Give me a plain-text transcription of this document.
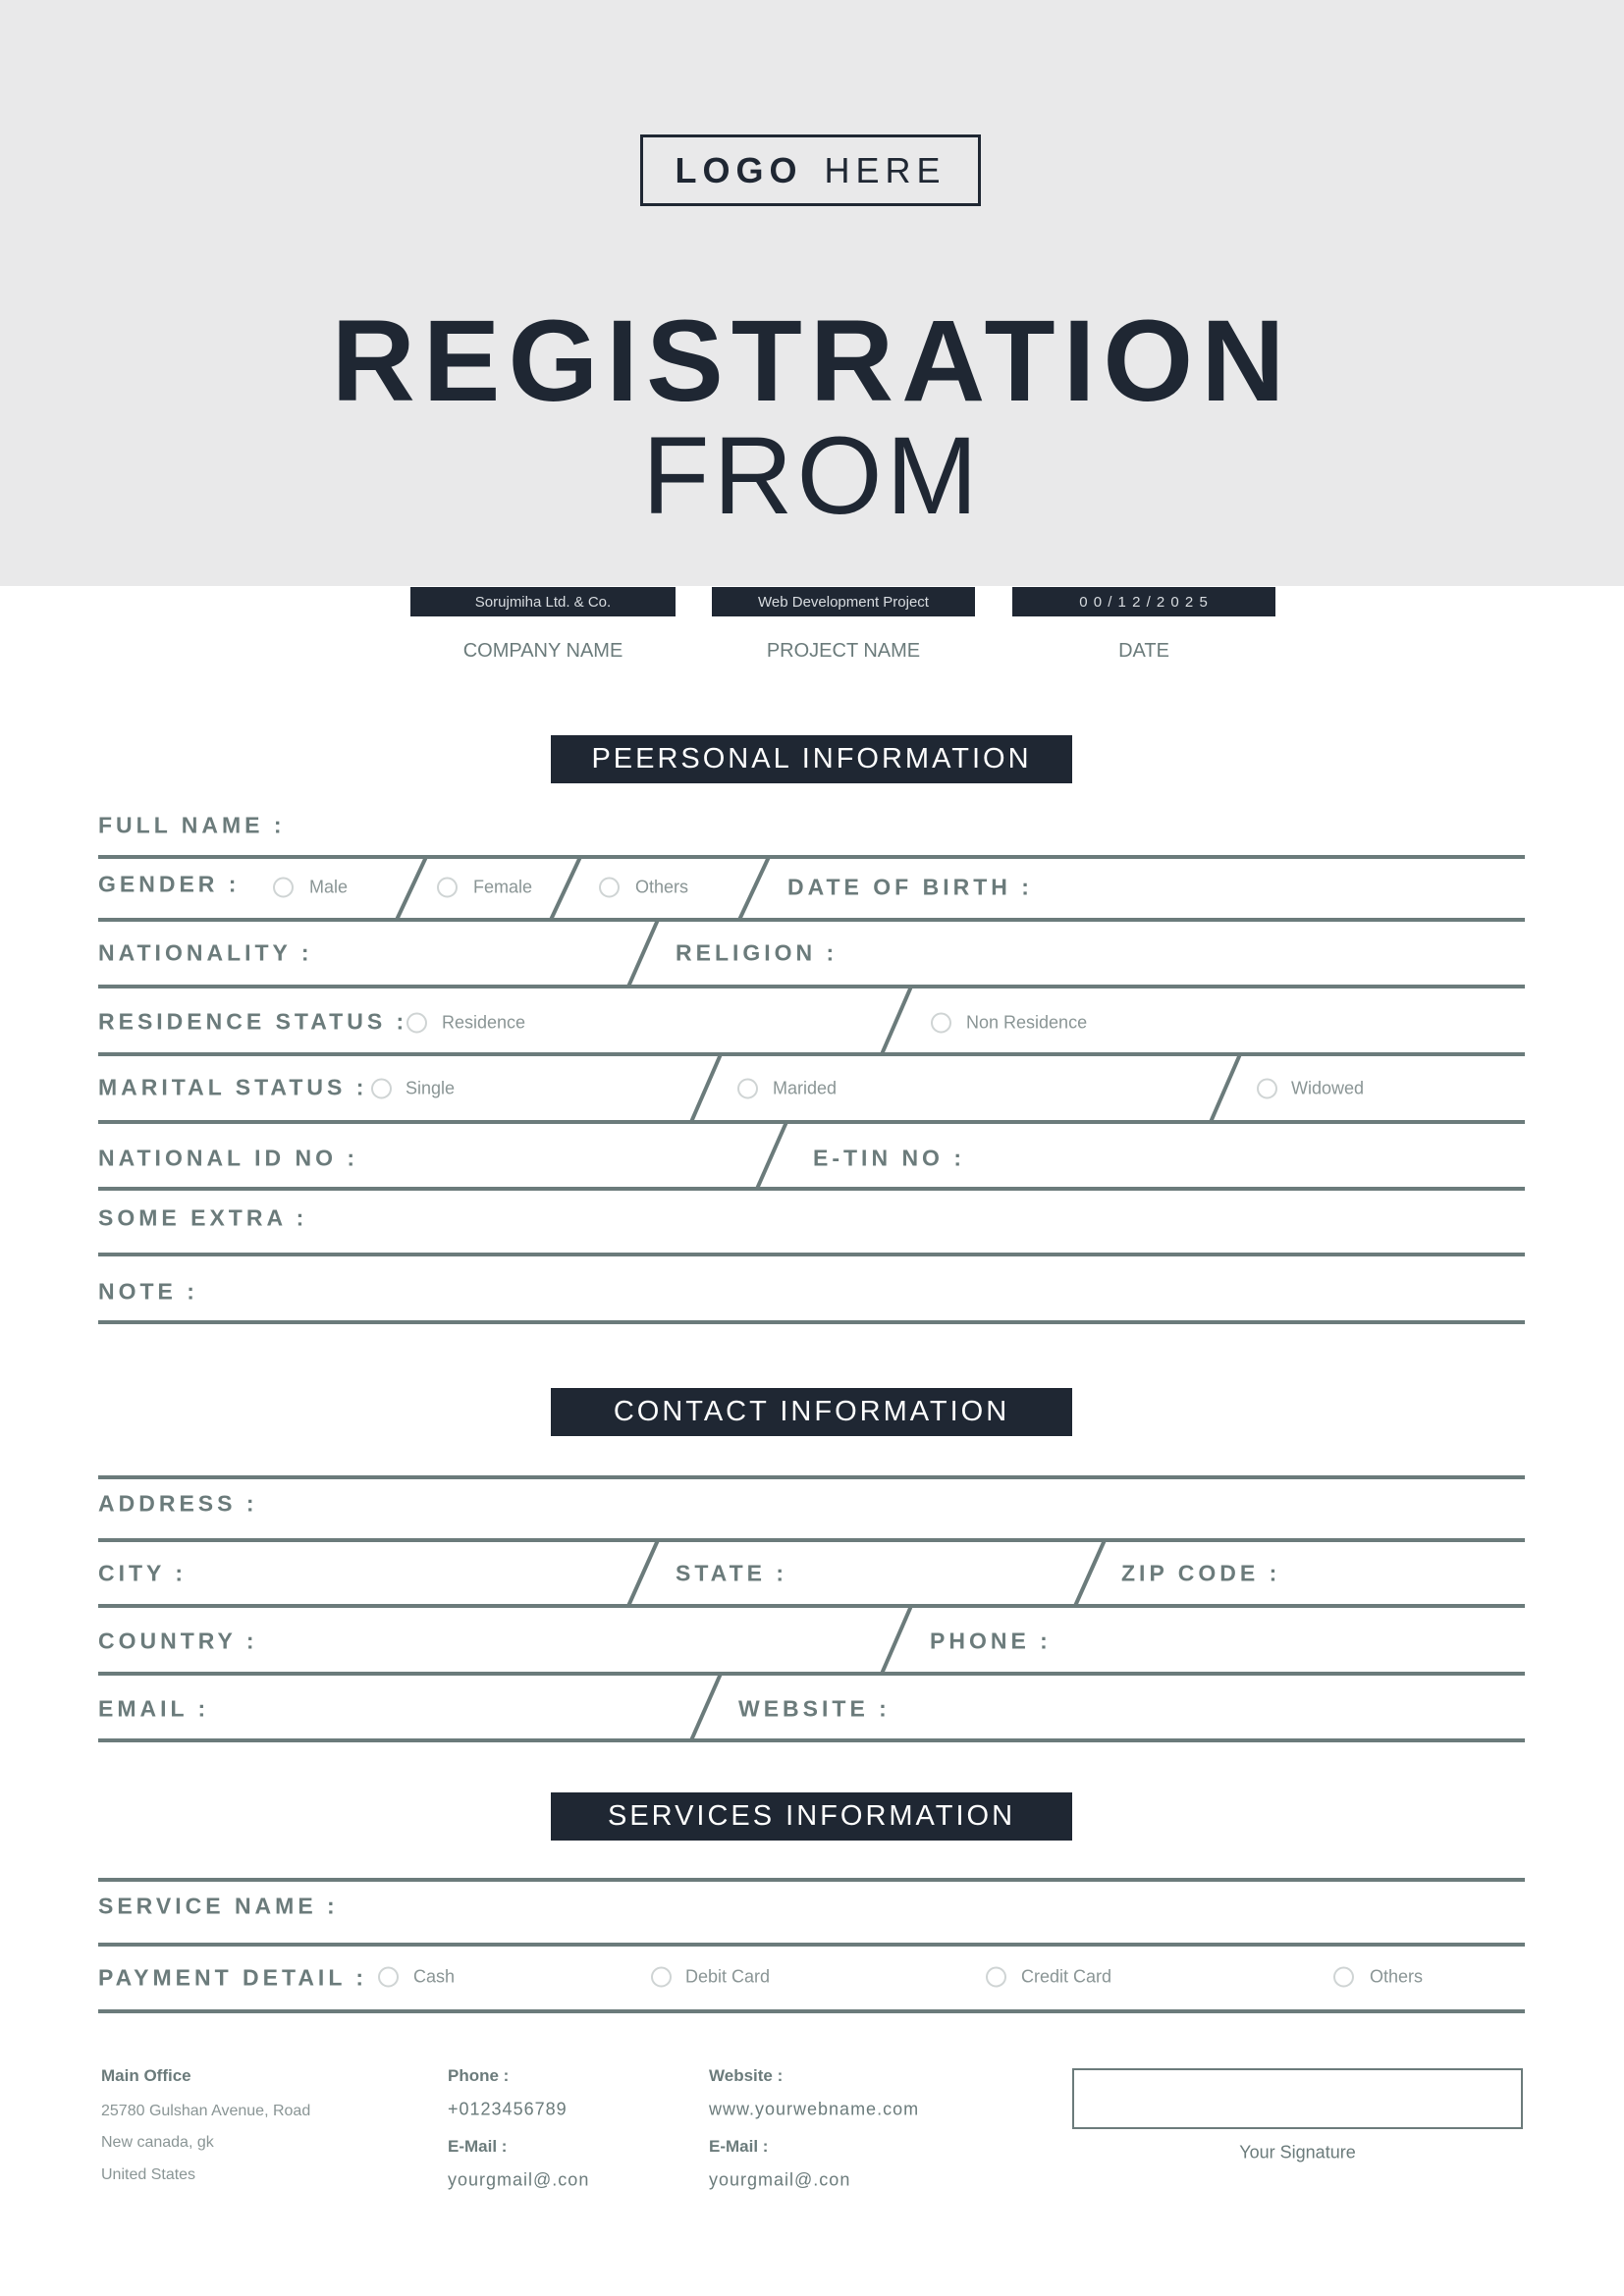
LOGO HERE
REGISTRATION
FROM
Sorujmiha Ltd. & Co.	Web Development Project	0 0 / 1 2 / 2 0 2 5
COMPANY NAME	PROJECT NAME	DATE
PEERSONAL INFORMATION
FULL NAME :
GENDER :	Male	Female	Others	DATE OF BIRTH :
NATIONALITY :	RELIGION :
RESIDENCE STATUS : Residence	Non Residence
MARITAL STATUS : Single	Marided	Widowed
NATIONAL ID NO :	E-TIN NO :
SOME EXTRA :
NOTE :
CONTACT INFORMATION
ADDRESS :
CITY :	STATE :	ZIP CODE :
COUNTRY :	PHONE :
EMAIL :	WEBSITE :
SERVICES INFORMATION
SERVICE NAME :
PAYMENT DETAIL :	Cash	Debit Card	Credit Card	Others
Main Office
25780 Gulshan Avenue, Road
New canada, gk
United States
Phone :
+0123456789
E-Mail :
yourgmail@.con
Website :
www.yourwebname.com
E-Mail :
yourgmail@.con
Your Signature
